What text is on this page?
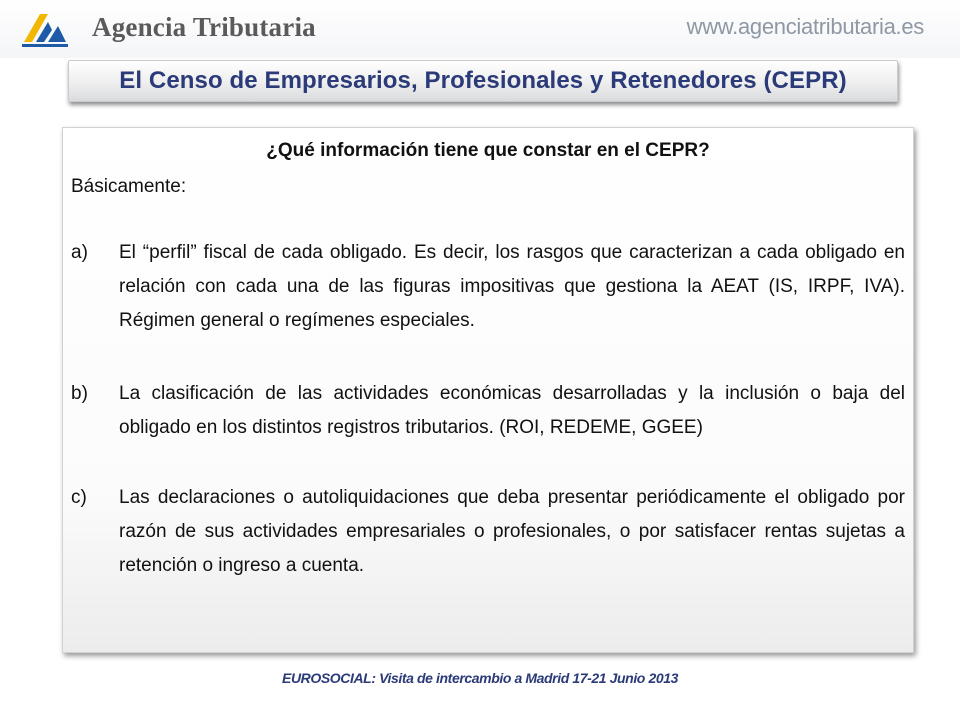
Agencia Tributaria	www.agenciatributaria.es
El Censo de Empresarios, Profesionales y Retenedores (CEPR)
¿Qué información tiene que constar en el CEPR?
Básicamente:
a) El “perfil” fiscal de cada obligado. Es decir, los rasgos que caracterizan a cada obligado en relación con cada una de las figuras impositivas que gestiona la AEAT (IS, IRPF, IVA). Régimen general o regímenes especiales.
b) La clasificación de las actividades económicas desarrolladas y la inclusión o baja del obligado en los distintos registros tributarios. (ROI, REDEME, GGEE)
c) Las declaraciones o autoliquidaciones que deba presentar periódicamente el obligado por razón de sus actividades empresariales o profesionales, o por satisfacer rentas sujetas a retención o ingreso a cuenta.
EUROSOCIAL: Visita de intercambio a Madrid 17-21 Junio 2013
